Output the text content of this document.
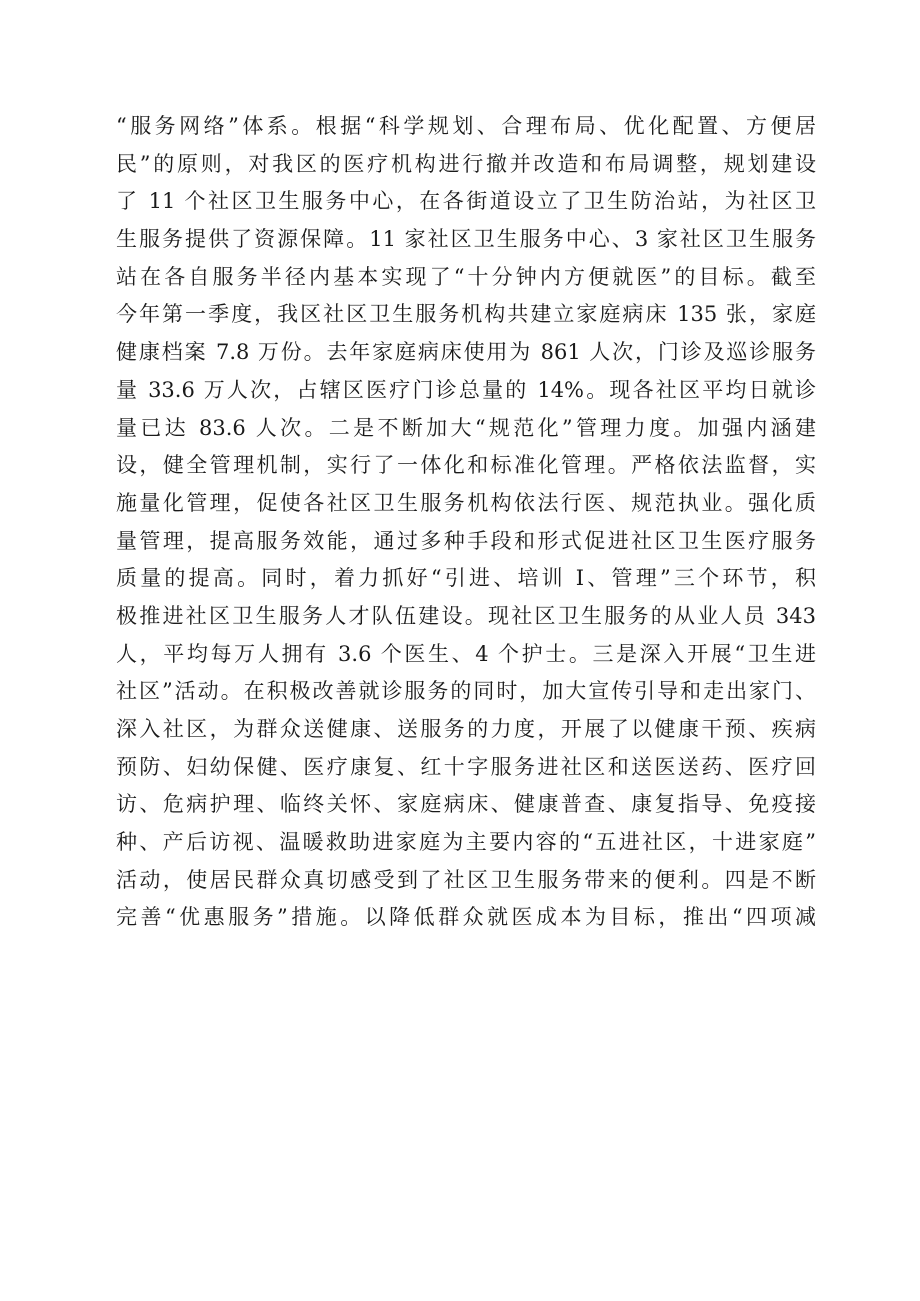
“服务网络”体系。根据“科学规划、合理布局、优化配置、方便居
民”的原则，对我区的医疗机构进行撤并改造和布局调整，规划建设
了 11 个社区卫生服务中心，在各街道设立了卫生防治站，为社区卫
生服务提供了资源保障。11 家社区卫生服务中心、3 家社区卫生服务
站在各自服务半径内基本实现了“十分钟内方便就医”的目标。截至
今年第一季度，我区社区卫生服务机构共建立家庭病床 135 张，家庭
健康档案 7.8 万份。去年家庭病床使用为 861 人次，门诊及巡诊服务
量 33.6 万人次，占辖区医疗门诊总量的 14%。现各社区平均日就诊
量已达 83.6 人次。二是不断加大“规范化”管理力度。加强内涵建
设，健全管理机制，实行了一体化和标准化管理。严格依法监督，实
施量化管理，促使各社区卫生服务机构依法行医、规范执业。强化质
量管理，提高服务效能，通过多种手段和形式促进社区卫生医疗服务
质量的提高。同时，着力抓好“引进、培训 I、管理”三个环节，积
极推进社区卫生服务人才队伍建设。现社区卫生服务的从业人员 343
人，平均每万人拥有 3.6 个医生、4 个护士。三是深入开展“卫生进
社区”活动。在积极改善就诊服务的同时，加大宣传引导和走出家门、
深入社区，为群众送健康、送服务的力度，开展了以健康干预、疾病
预防、妇幼保健、医疗康复、红十字服务进社区和送医送药、医疗回
访、危病护理、临终关怀、家庭病床、健康普查、康复指导、免疫接
种、产后访视、温暖救助进家庭为主要内容的“五进社区，十进家庭”
活动，使居民群众真切感受到了社区卫生服务带来的便利。四是不断
完善“优惠服务”措施。以降低群众就医成本为目标，推出“四项减
